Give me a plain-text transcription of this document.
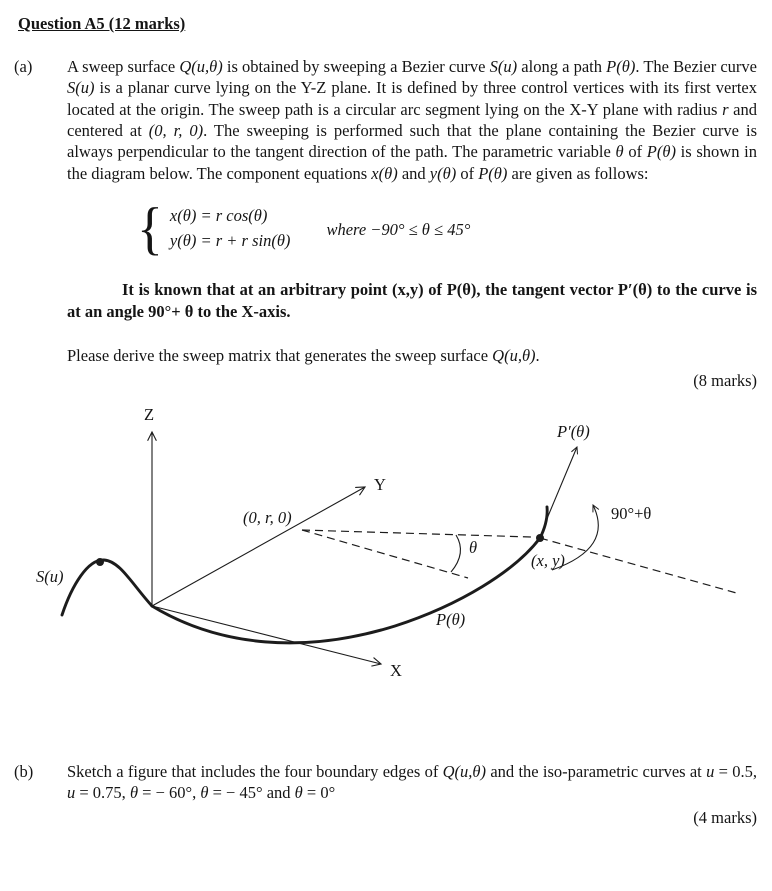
Question A5 (12 marks)
(a)	A sweep surface Q(u,θ) is obtained by sweeping a Bezier curve S(u) along a path P(θ). The Bezier curve S(u) is a planar curve lying on the Y-Z plane. It is defined by three control vertices with its first vertex located at the origin. The sweep path is a circular arc segment lying on the X-Y plane with radius r and centered at (0, r, 0). The sweeping is performed such that the plane containing the Bezier curve is always perpendicular to the tangent direction of the path. The parametric variable θ of P(θ) is shown in the diagram below. The component equations x(θ) and y(θ) of P(θ) are given as follows:

{ x(θ) = r cos(θ)
y(θ) = r + r sin(θ)
where −90° ≤ θ ≤ 45°

It is known that at an arbitrary point (x,y) of P(θ), the tangent vector P′(θ) to the curve is at an angle 90°+ θ to the X-axis.

Please derive the sweep matrix that generates the sweep surface Q(u,θ).

(8 marks)

Z
Y
X
(0, r, 0)
θ
(x, y)
P(θ)
S(u)
P′(θ)
90°+θ
(b)	Sketch a figure that includes the four boundary edges of Q(u,θ) and the iso-parametric curves at u = 0.5, u = 0.75, θ = − 60°, θ = − 45° and θ = 0°

(4 marks)
